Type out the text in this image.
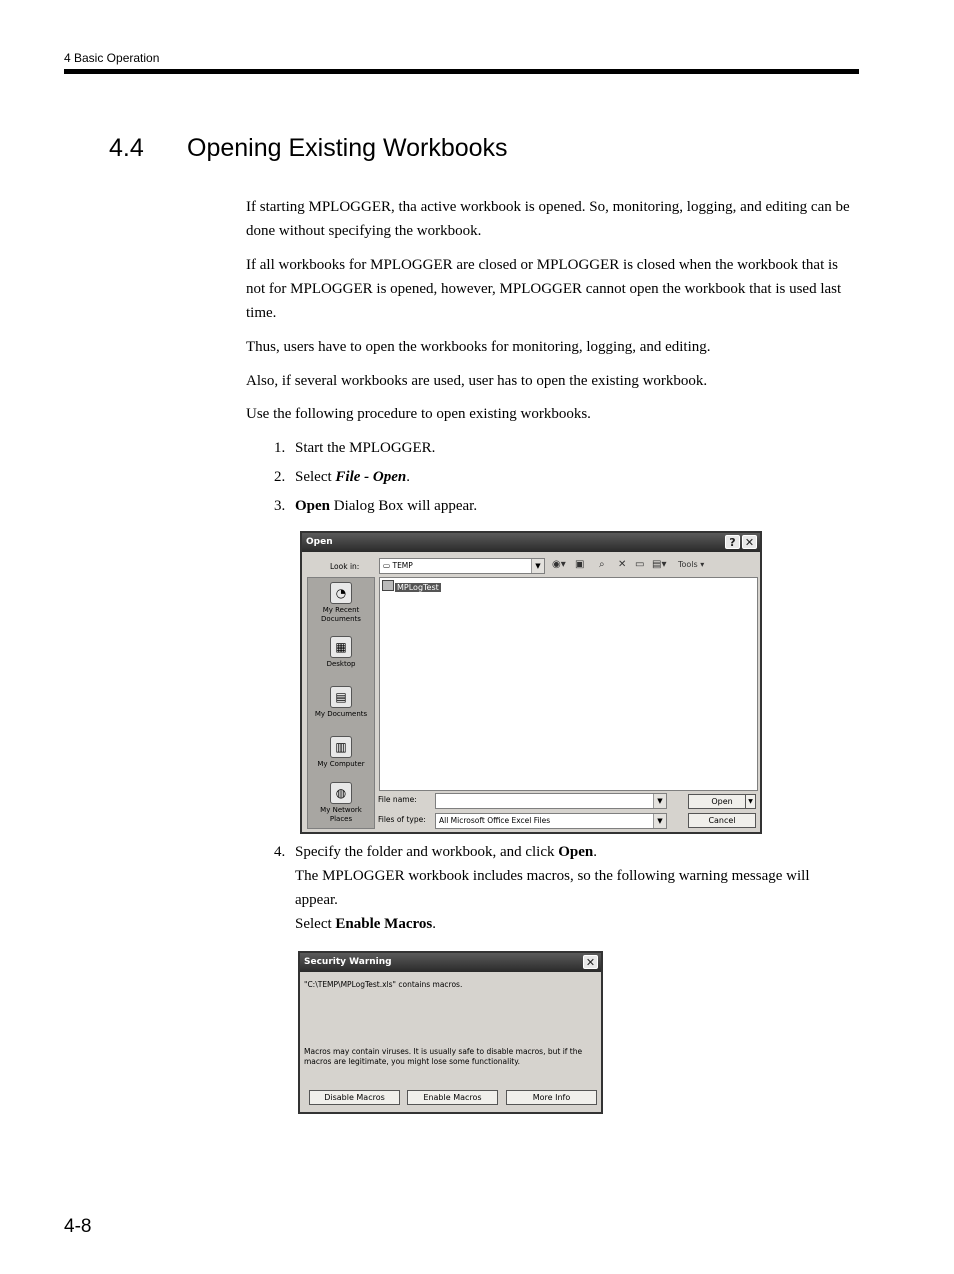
4 Basic Operation
4.4 Opening Existing Workbooks

If starting MPLOGGER, tha active workbook is opened. So, monitoring, logging, and editing can be done without specifying the workbook.

If all workbooks for MPLOGGER are closed or MPLOGGER is closed when the workbook that is not for MPLOGGER is opened, however, MPLOGGER cannot open the workbook that is used last time.

Thus, users have to open the workbooks for monitoring, logging, and editing.

Also, if several workbooks are used, user has to open the existing workbook.

Use the following procedure to open existing workbooks.

1. Start the MPLOGGER.
2. Select File - Open.
3. Open Dialog Box will appear.
Open	? ✕
Look in:	▭ TEMP	▼	◉▾ ▣ ⌕ ✕ ▭ ▤▾ Tools ▾
◔
My Recent Documents
▦
Desktop
▤
My Documents
▥
My Computer
◍
My Network Places
MPLogTest
File name:	▼
Files of type:	All Microsoft Office Excel Files	▼
Open	▼
Cancel
4. Specify the folder and workbook, and click Open.
The MPLOGGER workbook includes macros, so the following warning message will appear.
Select Enable Macros.
Security Warning	✕
"C:\TEMP\MPLogTest.xls" contains macros.
Macros may contain viruses. It is usually safe to disable macros, but if the macros are legitimate, you might lose some functionality.
Disable Macros	Enable Macros	More Info
4-8
